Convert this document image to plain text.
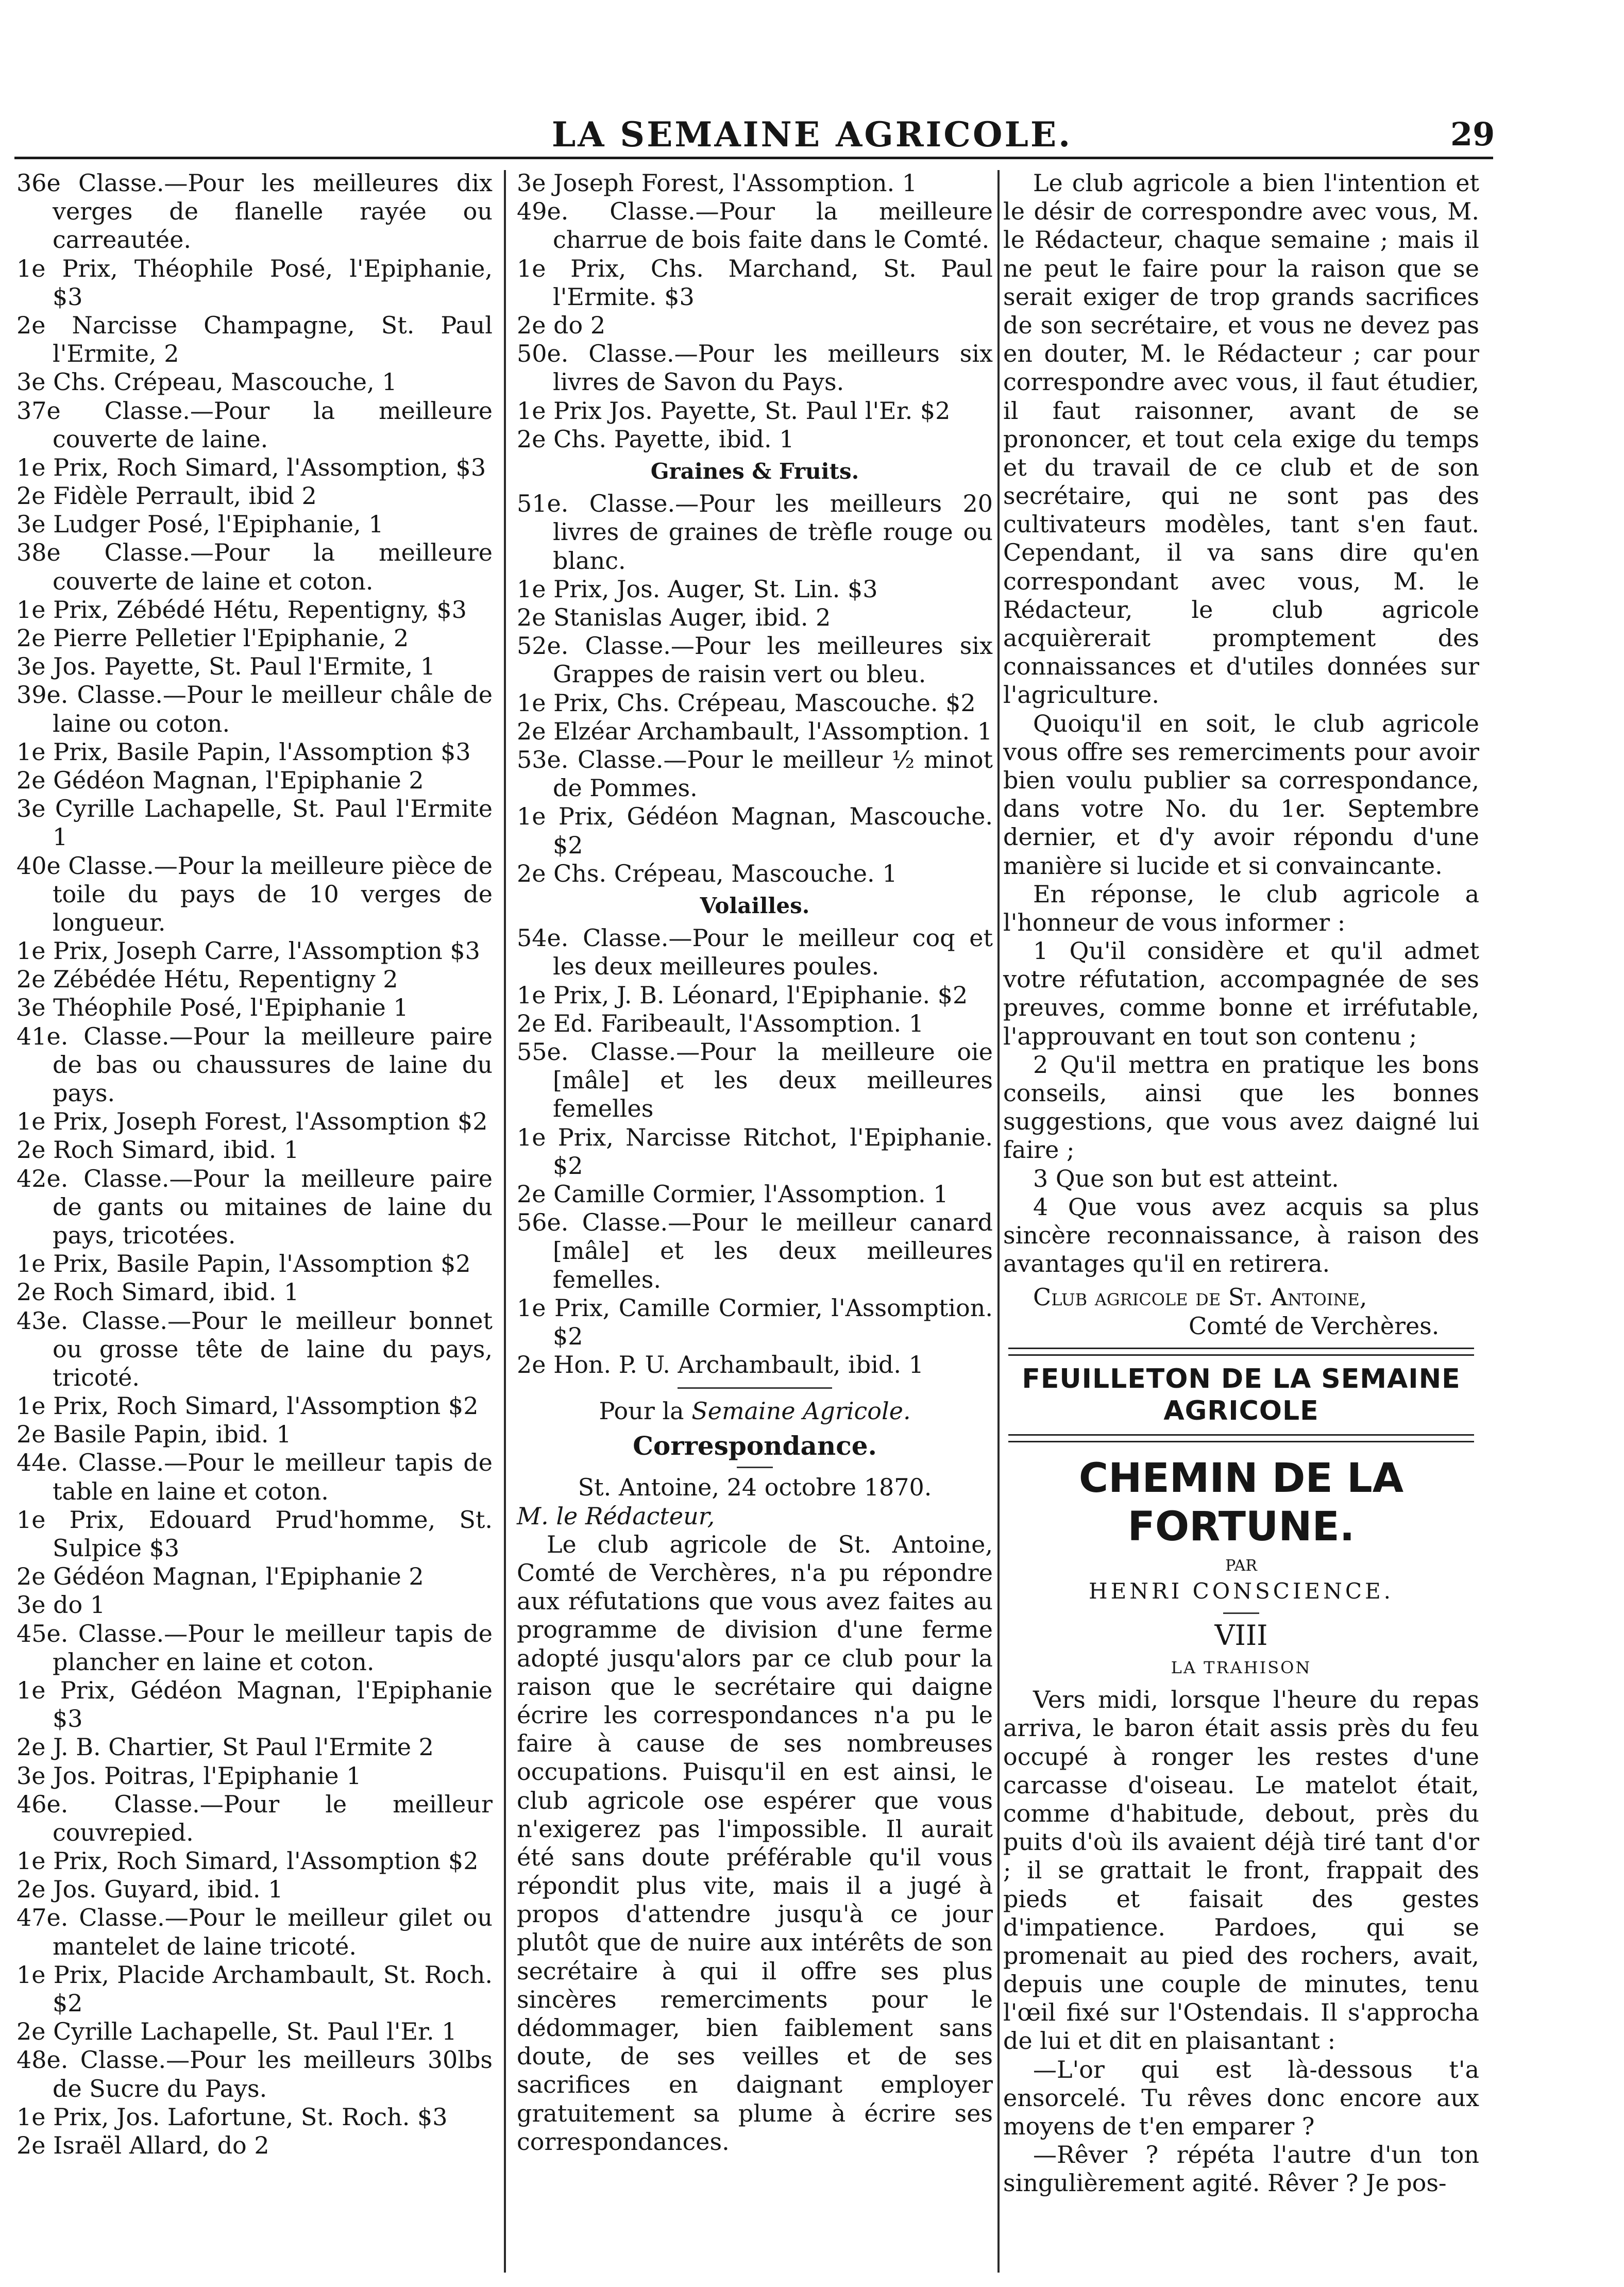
LA SEMAINE AGRICOLE.	29

36e Classe.—Pour les meilleures dix verges de flanelle rayée ou carreautée.

1e Prix, Théophile Posé, l'Epiphanie, $3

2e Narcisse Champagne, St. Paul l'Ermite, 2

3e Chs. Crépeau, Mascouche, 1

37e Classe.—Pour la meilleure couverte de laine.

1e Prix, Roch Simard, l'Assomption, $3

2e Fidèle Perrault, ibid 2

3e Ludger Posé, l'Epiphanie, 1

38e Classe.—Pour la meilleure couverte de laine et coton.

1e Prix, Zébédé Hétu, Repentigny, $3

2e Pierre Pelletier l'Epiphanie, 2

3e Jos. Payette, St. Paul l'Ermite, 1

39e. Classe.—Pour le meilleur châle de laine ou coton.

1e Prix, Basile Papin, l'Assomption $3

2e Gédéon Magnan, l'Epiphanie 2

3e Cyrille Lachapelle, St. Paul l'Ermite 1

40e Classe.—Pour la meilleure pièce de toile du pays de 10 verges de longueur.

1e Prix, Joseph Carre, l'Assomption $3

2e Zébédée Hétu, Repentigny 2

3e Théophile Posé, l'Epiphanie 1

41e. Classe.—Pour la meilleure paire de bas ou chaussures de laine du pays.

1e Prix, Joseph Forest, l'Assomption $2

2e Roch Simard, ibid. 1

42e. Classe.—Pour la meilleure paire de gants ou mitaines de laine du pays, tricotées.

1e Prix, Basile Papin, l'Assomption $2

2e Roch Simard, ibid. 1

43e. Classe.—Pour le meilleur bonnet ou grosse tête de laine du pays, tricoté.

1e Prix, Roch Simard, l'Assomption $2

2e Basile Papin, ibid. 1

44e. Classe.—Pour le meilleur tapis de table en laine et coton.

1e Prix, Edouard Prud'homme, St. Sulpice $3

2e Gédéon Magnan, l'Epiphanie 2

3e do 1

45e. Classe.—Pour le meilleur tapis de plancher en laine et coton.

1e Prix, Gédéon Magnan, l'Epiphanie $3

2e J. B. Chartier, St Paul l'Ermite 2

3e Jos. Poitras, l'Epiphanie 1

46e. Classe.—Pour le meilleur couvrepied.

1e Prix, Roch Simard, l'Assomption $2

2e Jos. Guyard, ibid. 1

47e. Classe.—Pour le meilleur gilet ou mantelet de laine tricoté.

1e Prix, Placide Archambault, St. Roch. $2

2e Cyrille Lachapelle, St. Paul l'Er. 1

48e. Classe.—Pour les meilleurs 30lbs de Sucre du Pays.

1e Prix, Jos. Lafortune, St. Roch. $3

2e Israël Allard, do 2

3e Joseph Forest, l'Assomption. 1

49e. Classe.—Pour la meilleure charrue de bois faite dans le Comté.

1e Prix, Chs. Marchand, St. Paul l'Ermite. $3

2e do 2

50e. Classe.—Pour les meilleurs six livres de Savon du Pays.

1e Prix Jos. Payette, St. Paul l'Er. $2

2e Chs. Payette, ibid. 1

Graines & Fruits.

51e. Classe.—Pour les meilleurs 20 livres de graines de trèfle rouge ou blanc.

1e Prix, Jos. Auger, St. Lin. $3

2e Stanislas Auger, ibid. 2

52e. Classe.—Pour les meilleures six Grappes de raisin vert ou bleu.

1e Prix, Chs. Crépeau, Mascouche. $2

2e Elzéar Archambault, l'Assomption. 1

53e. Classe.—Pour le meilleur ½ minot de Pommes.

1e Prix, Gédéon Magnan, Mascouche. $2

2e Chs. Crépeau, Mascouche. 1

Volailles.

54e. Classe.—Pour le meilleur coq et les deux meilleures poules.

1e Prix, J. B. Léonard, l'Epiphanie. $2

2e Ed. Faribeault, l'Assomption. 1

55e. Classe.—Pour la meilleure oie [mâle] et les deux meilleures femelles

1e Prix, Narcisse Ritchot, l'Epiphanie. $2

2e Camille Cormier, l'Assomption. 1

56e. Classe.—Pour le meilleur canard [mâle] et les deux meilleures femelles.

1e Prix, Camille Cormier, l'Assomption. $2

2e Hon. P. U. Archambault, ibid. 1

Pour la Semaine Agricole.

Correspondance.

St. Antoine, 24 octobre 1870.

M. le Rédacteur,

Le club agricole de St. Antoine, Comté de Verchères, n'a pu répondre aux réfutations que vous avez faites au programme de division d'une ferme adopté jusqu'alors par ce club pour la raison que le secrétaire qui daigne écrire les correspondances n'a pu le faire à cause de ses nombreuses occupations. Puisqu'il en est ainsi, le club agricole ose espérer que vous n'exigerez pas l'impossible. Il aurait été sans doute préférable qu'il vous répondit plus vite, mais il a jugé à propos d'attendre jusqu'à ce jour plutôt que de nuire aux intérêts de son secrétaire à qui il offre ses plus sincères remerciments pour le dédommager, bien faiblement sans doute, de ses veilles et de ses sacrifices en daignant employer gratuitement sa plume à écrire ses correspondances.

Le club agricole a bien l'intention et le désir de correspondre avec vous, M. le Rédacteur, chaque semaine ; mais il ne peut le faire pour la raison que se serait exiger de trop grands sacrifices de son secrétaire, et vous ne devez pas en douter, M. le Rédacteur ; car pour correspondre avec vous, il faut étudier, il faut raisonner, avant de se prononcer, et tout cela exige du temps et du travail de ce club et de son secrétaire, qui ne sont pas des cultivateurs modèles, tant s'en faut. Cependant, il va sans dire qu'en correspondant avec vous, M. le Rédacteur, le club agricole acquièrerait promptement des connaissances et d'utiles données sur l'agriculture.

Quoiqu'il en soit, le club agricole vous offre ses remerciments pour avoir bien voulu publier sa correspondance, dans votre No. du 1er. Septembre dernier, et d'y avoir répondu d'une manière si lucide et si convaincante.

En réponse, le club agricole a l'honneur de vous informer :

1 Qu'il considère et qu'il admet votre réfutation, accompagnée de ses preuves, comme bonne et irréfutable, l'approuvant en tout son contenu ;

2 Qu'il mettra en pratique les bons conseils, ainsi que les bonnes suggestions, que vous avez daigné lui faire ;

3 Que son but est atteint.

4 Que vous avez acquis sa plus sincère reconnaissance, à raison des avantages qu'il en retirera.

Club agricole de St. Antoine,

Comté de Verchères.

FEUILLETON DE LA SEMAINE AGRICOLE
CHEMIN DE LA FORTUNE.
PAR
HENRI CONSCIENCE.
VIII
LA TRAHISON

Vers midi, lorsque l'heure du repas arriva, le baron était assis près du feu occupé à ronger les restes d'une carcasse d'oiseau. Le matelot était, comme d'habitude, debout, près du puits d'où ils avaient déjà tiré tant d'or ; il se grattait le front, frappait des pieds et faisait des gestes d'impatience. Pardoes, qui se promenait au pied des rochers, avait, depuis une couple de minutes, tenu l'œil fixé sur l'Ostendais. Il s'approcha de lui et dit en plaisantant :

—L'or qui est là-dessous t'a ensorcelé. Tu rêves donc encore aux moyens de t'en emparer ?

—Rêver ? répéta l'autre d'un ton singulièrement agité. Rêver ? Je pos-
